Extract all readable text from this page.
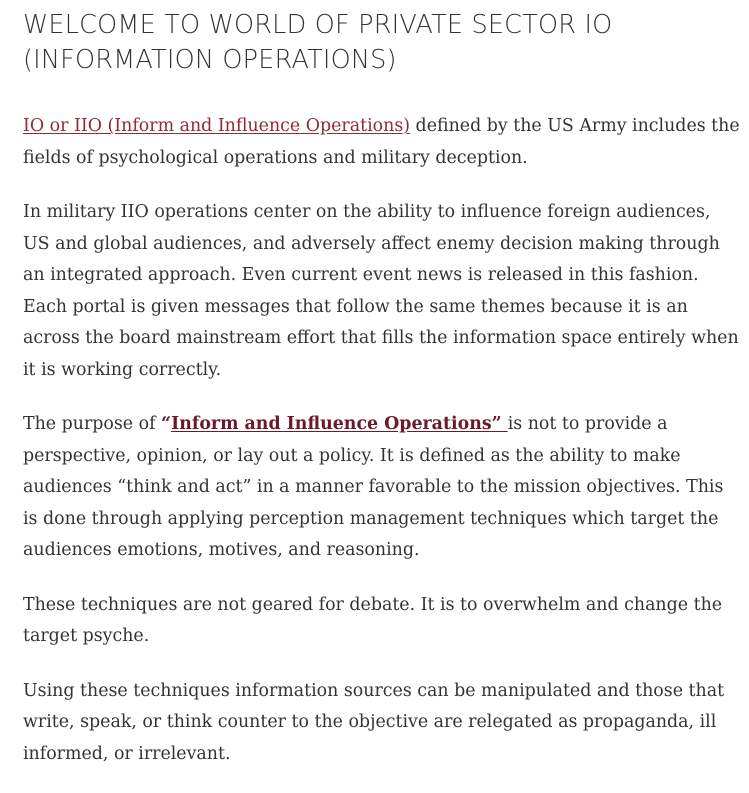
WELCOME TO WORLD OF PRIVATE SECTOR IO
(INFORMATION OPERATIONS)

IO or IIO (Inform and Influence Operations) defined by the US Army includes the fields of psychological operations and military deception.

In military IIO operations center on the ability to influence foreign audiences, US and global audiences, and adversely affect enemy decision making through an integrated approach. Even current event news is released in this fashion. Each portal is given messages that follow the same themes because it is an across the board mainstream effort that fills the information space entirely when it is working correctly.

The purpose of “Inform and Influence Operations” is not to provide a perspective, opinion, or lay out a policy. It is defined as the ability to make audiences “think and act” in a manner favorable to the mission objectives. This is done through applying perception management techniques which target the audiences emotions, motives, and reasoning.

These techniques are not geared for debate. It is to overwhelm and change the target psyche.

Using these techniques information sources can be manipulated and those that write, speak, or think counter to the objective are relegated as propaganda, ill informed, or irrelevant.
